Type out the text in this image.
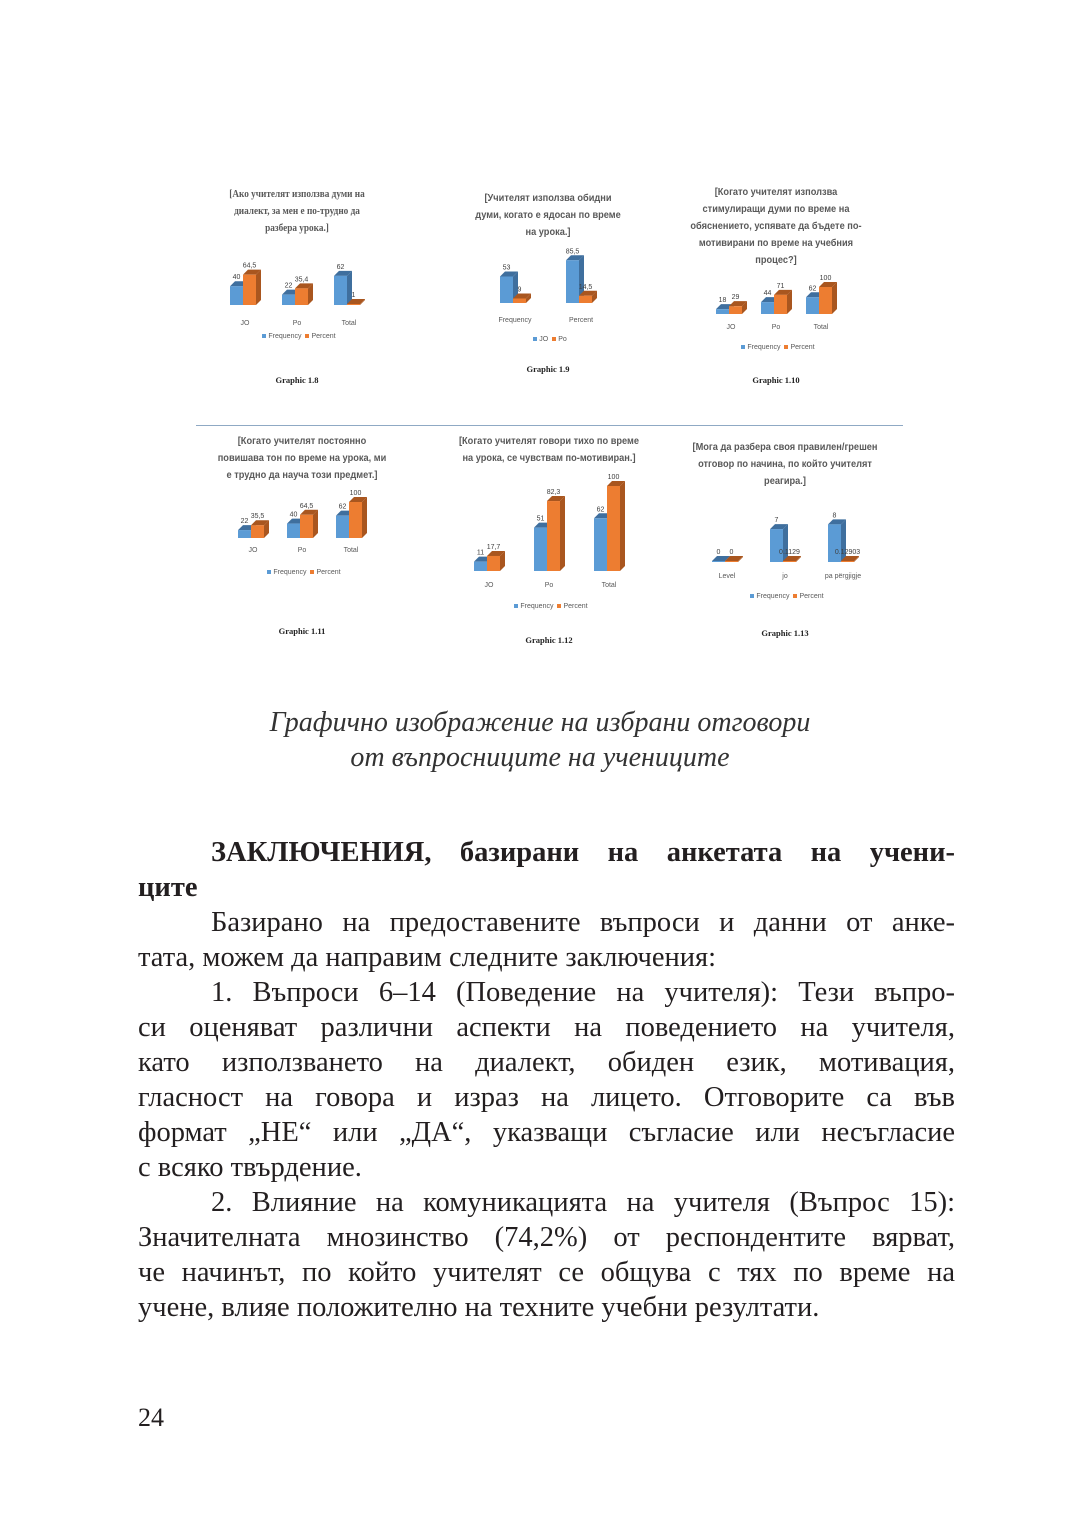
[Ако учителят използва думи на
диалект, за мен е по-трудно да
разбера урока.]
40
64,5
JO
22
35,4
Po
62
1
Total
Frequency Percent
Graphic 1.8
[Учителят използва обидни
думи, когато е ядосан по време
на урока.]
53
9
Frequency
85,5
14,5
Percent
JO Po
Graphic 1.9
[Когато учителят използва
стимулиращи думи по време на
обяснението, успявате да бъдете по-
мотивирани по време на учебния
процес?]
18 29
JO
44
71
Po
62
100
Total
Frequency Percent
Graphic 1.10
[Когато учителят постоянно
повишава тон по време на урока, ми
е трудно да науча този предмет.]
22
35,5
JO
40
64,5
Po
62
100
Total
Frequency Percent
Graphic 1.11
[Когато учителят говори тихо по време
на урока, се чувствам по-мотивиран.]
11
17,7
JO
51
82,3
Po
62
100
Total
Frequency Percent
Graphic 1.12
[Мога да разбера своя правилен/грешен
отговор по начина, по който учителят
реагира.]
0 0
Level
7
0.1129
jo
8
0.12903
pa përgjigje
Frequency Percent
Graphic 1.13
Графично изображение на избрани отговори
от въпросниците на учениците
ЗАКЛЮЧЕНИЯ, базирани на анкетата на учени-
ците
Базирано на предоставените въпроси и данни от анке-
тата, можем да направим следните заключения:
1. Въпроси 6–14 (Поведение на учителя): Тези въпро-
си оценяват различни аспекти на поведението на учителя,
като използването на диалект, обиден език, мотивация,
гласност на говора и израз на лицето. Отговорите са във
формат „НЕ“ или „ДА“, указващи съгласие или несъгласие
с всяко твърдение.
2. Влияние на комуникацията на учителя (Въпрос 15):
Значителната мнозинство (74,2%) от респондентите вярват,
че начинът, по който учителят се общува с тях по време на
учене, влияе положително на техните учебни резултати.
24
